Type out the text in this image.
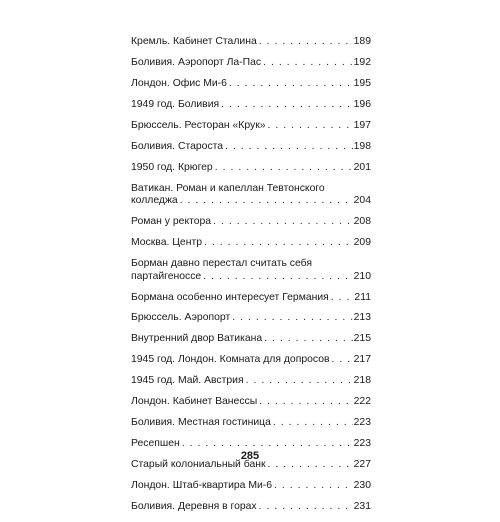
Кремль. Кабинет Сталина . . .	189
Боливия. Аэропорт Ла-Пас . . .	192
Лондон. Офис Ми-6 . . .	195
1949 год. Боливия . . .	196
Брюссель. Ресторан «Крук» . . .	197
Боливия. Староста . . .	198
1950 год. Крюгер . . .	201
Ватикан. Роман и капеллан Тевтонского
колледжа . . .	204
Роман у ректора . . .	208
Москва. Центр . . .	209
Борман давно перестал считать себя
партайгеноссе . . .	210
Бормана особенно интересует Германия . . . 211
Брюссель. Аэропорт . . .	213
Внутренний двор Ватикана . . .	215
1945 год. Лондон. Комната для допросов . . . 217
1945 год. Май. Австрия . . .	218
Лондон. Кабинет Ванессы . . .	222
Боливия. Местная гостиница . . .	223
Ресепшен . . .	223
Старый колониальный банк . . .	227
Лондон. Штаб-квартира Ми-6 . . .	230
Боливия. Деревня в горах . . .	231
285
